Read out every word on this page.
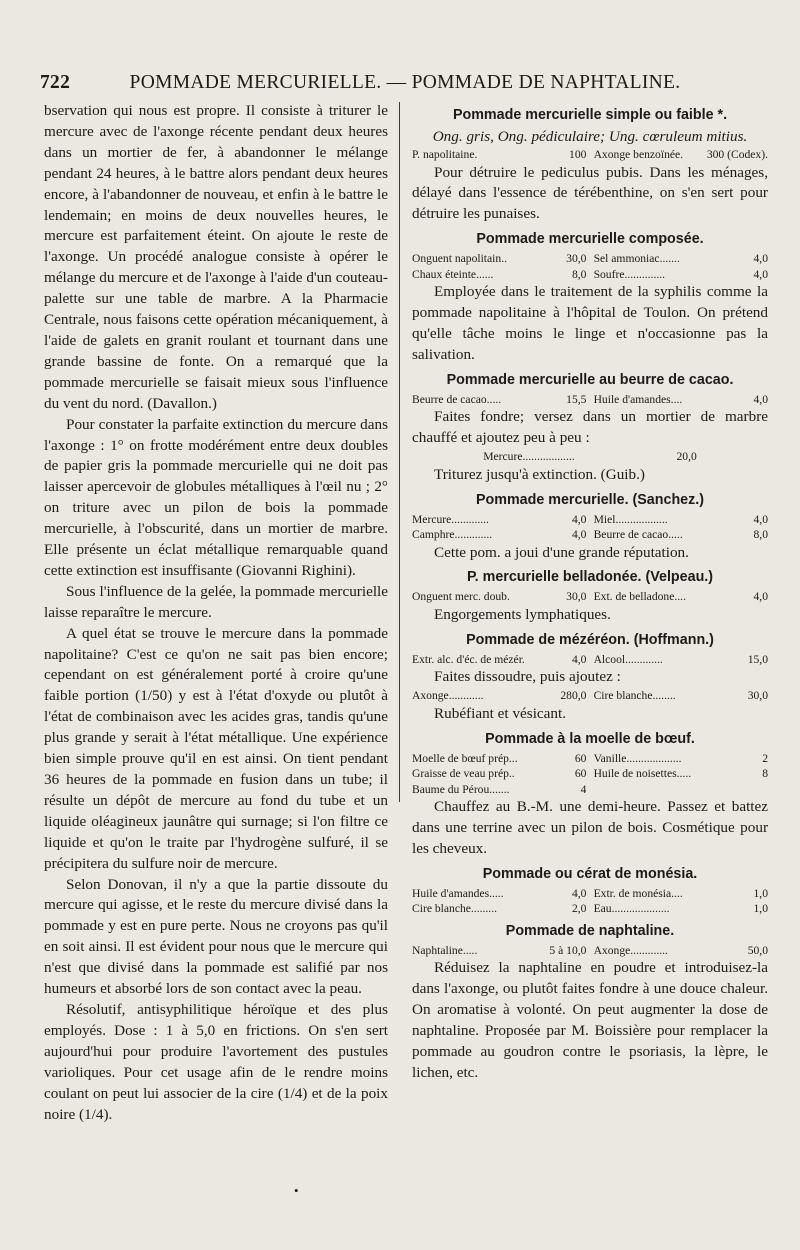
722	POMMADE MERCURIELLE. — POMMADE DE NAPHTALINE.

bservation qui nous est propre. Il consiste à triturer le mercure avec de l'axonge récente pendant deux heures dans un mortier de fer, à abandonner le mélange pendant 24 heures, à le battre alors pendant deux heures encore, à l'abandonner de nouveau, et enfin à le battre le lendemain; en moins de deux nouvelles heures, le mercure est parfaitement éteint. On ajoute le reste de l'axonge. Un procédé analogue consiste à opérer le mélange du mercure et de l'axonge à l'aide d'un couteau-palette sur une table de marbre. A la Pharmacie Centrale, nous faisons cette opération mécaniquement, à l'aide de galets en granit roulant et tournant dans une grande bassine de fonte. On a remarqué que la pommade mercurielle se faisait mieux sous l'influence du vent du nord. (Davallon.)

Pour constater la parfaite extinction du mercure dans l'axonge : 1° on frotte modérément entre deux doubles de papier gris la pommade mercurielle qui ne doit pas laisser apercevoir de globules métalliques à l'œil nu ; 2° on triture avec un pilon de bois la pommade mercurielle, à l'obscurité, dans un mortier de marbre. Elle présente un éclat métallique remarquable quand cette extinction est insuffisante (Giovanni Righini).

Sous l'influence de la gelée, la pommade mercurielle laisse reparaître le mercure.

A quel état se trouve le mercure dans la pommade napolitaine? C'est ce qu'on ne sait pas bien encore; cependant on est généralement porté à croire qu'une faible portion (1/50) y est à l'état d'oxyde ou plutôt à l'état de combinaison avec les acides gras, tandis qu'une plus grande y serait à l'état métallique. Une expérience bien simple prouve qu'il en est ainsi. On tient pendant 36 heures de la pommade en fusion dans un tube; il résulte un dépôt de mercure au fond du tube et un liquide oléagineux jaunâtre qui surnage; si l'on filtre ce liquide et qu'on le traite par l'hydrogène sulfuré, il se précipitera du sulfure noir de mercure.

Selon Donovan, il n'y a que la partie dissoute du mercure qui agisse, et le reste du mercure divisé dans la pommade y est en pure perte. Nous ne croyons pas qu'il en soit ainsi. Il est évident pour nous que le mercure qui n'est que divisé dans la pommade est salifié par nos humeurs et absorbé lors de son contact avec la peau.

Résolutif, antisyphilitique héroïque et des plus employés. Dose : 1 à 5,0 en frictions. On s'en sert aujourd'hui pour produire l'avortement des pustules varioliques. Pour cet usage afin de le rendre moins coulant on peut lui associer de la cire (1/4) et de la poix noire (1/4).

Pommade mercurielle simple ou faible *.
Ong. gris, Ong. pédiculaire; Ung. cœruleum mitius.
P. napolitaine.	100 Axonge benzoïnée. 300 (Codex).

Pour détruire le pediculus pubis. Dans les ménages, délayé dans l'essence de térébenthine, on s'en sert pour détruire les punaises.

Pommade mercurielle composée.
Onguent napolitain..	30,0 Sel ammoniac.......	4,0
Chaux éteinte......	8,0 Soufre..............	4,0

Employée dans le traitement de la syphilis comme la pommade napolitaine à l'hôpital de Toulon. On prétend qu'elle tâche moins le linge et n'occasionne pas la salivation.

Pommade mercurielle au beurre de cacao.
Beurre de cacao.....	15,5 Huile d'amandes....	4,0

Faites fondre; versez dans un mortier de marbre chauffé et ajoutez peu à peu :

Mercure..................	20,0

Triturez jusqu'à extinction. (Guib.)

Pommade mercurielle. (Sanchez.)
Mercure.............	4,0 Miel..................	4,0
Camphre.............	4,0 Beurre de cacao.....	8,0

Cette pom. a joui d'une grande réputation.

P. mercurielle belladonée. (Velpeau.)
Onguent merc. doub.	30,0 Ext. de belladone....	4,0

Engorgements lymphatiques.

Pommade de mézéréon. (Hoffmann.)
Extr. alc. d'éc. de mézér.	4,0 Alcool.............	15,0

Faites dissoudre, puis ajoutez :

Axonge............	280,0 Cire blanche........	30,0

Rubéfiant et vésicant.

Pommade à la moelle de bœuf.
Moelle de bœuf prép...	60 Vanille...................	2
Graisse de veau prép..	60 Huile de noisettes.....	8
Baume du Pérou.......	4

Chauffez au B.-M. une demi-heure. Passez et battez dans une terrine avec un pilon de bois. Cosmétique pour les cheveux.

Pommade ou cérat de monésia.
Huile d'amandes.....	4,0 Extr. de monésia....	1,0
Cire blanche.........	2,0 Eau....................	1,0
Pommade de naphtaline.
Naphtaline.....	5 à 10,0 Axonge.............	50,0

Réduisez la naphtaline en poudre et introduisez-la dans l'axonge, ou plutôt faites fondre à une douce chaleur. On aromatise à volonté. On peut augmenter la dose de naphtaline. Proposée par M. Boissière pour remplacer la pommade au goudron contre le psoriasis, la lèpre, le lichen, etc.

•
